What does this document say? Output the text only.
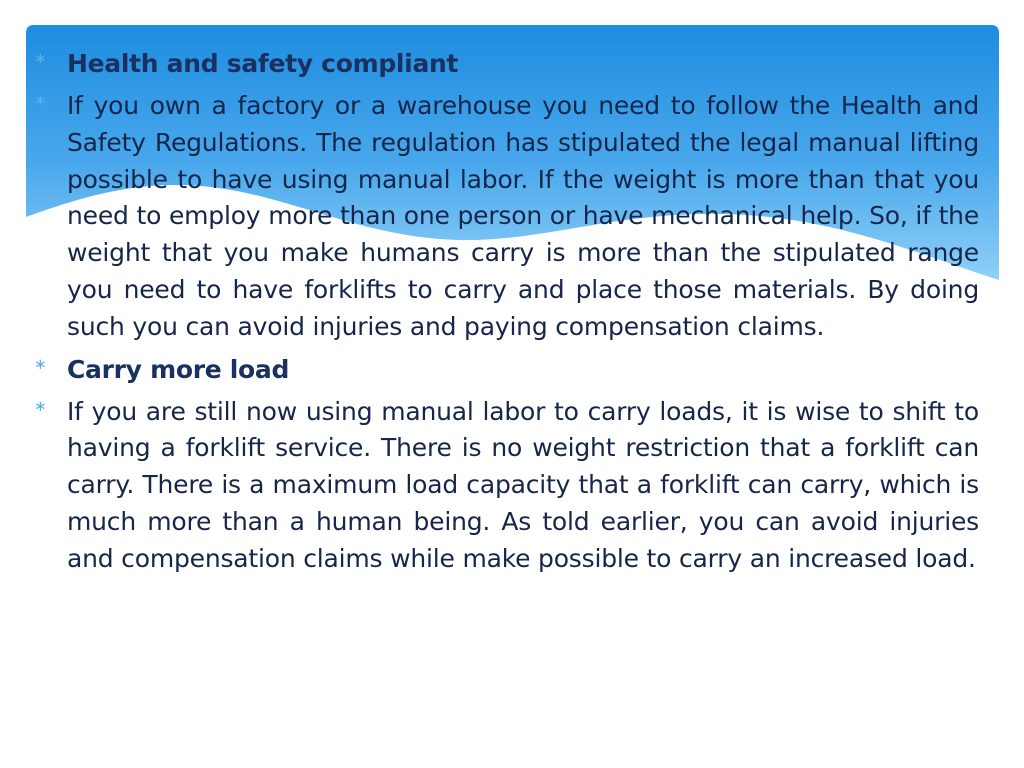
∗ Health and safety compliant
∗ If you own a factory or a warehouse you need to follow the Health and Safety Regulations. The regulation has stipulated the legal manual lifting possible to have using manual labor. If the weight is more than that you need to employ more than one person or have mechanical help. So, if the weight that you make humans carry is more than the stipulated range you need to have forklifts to carry and place those materials. By doing such you can avoid injuries and paying compensation claims.
∗ Carry more load
∗ If you are still now using manual labor to carry loads, it is wise to shift to having a forklift service. There is no weight restriction that a forklift can carry. There is a maximum load capacity that a forklift can carry, which is much more than a human being. As told earlier, you can avoid injuries and compensation claims while make possible to carry an increased load.
